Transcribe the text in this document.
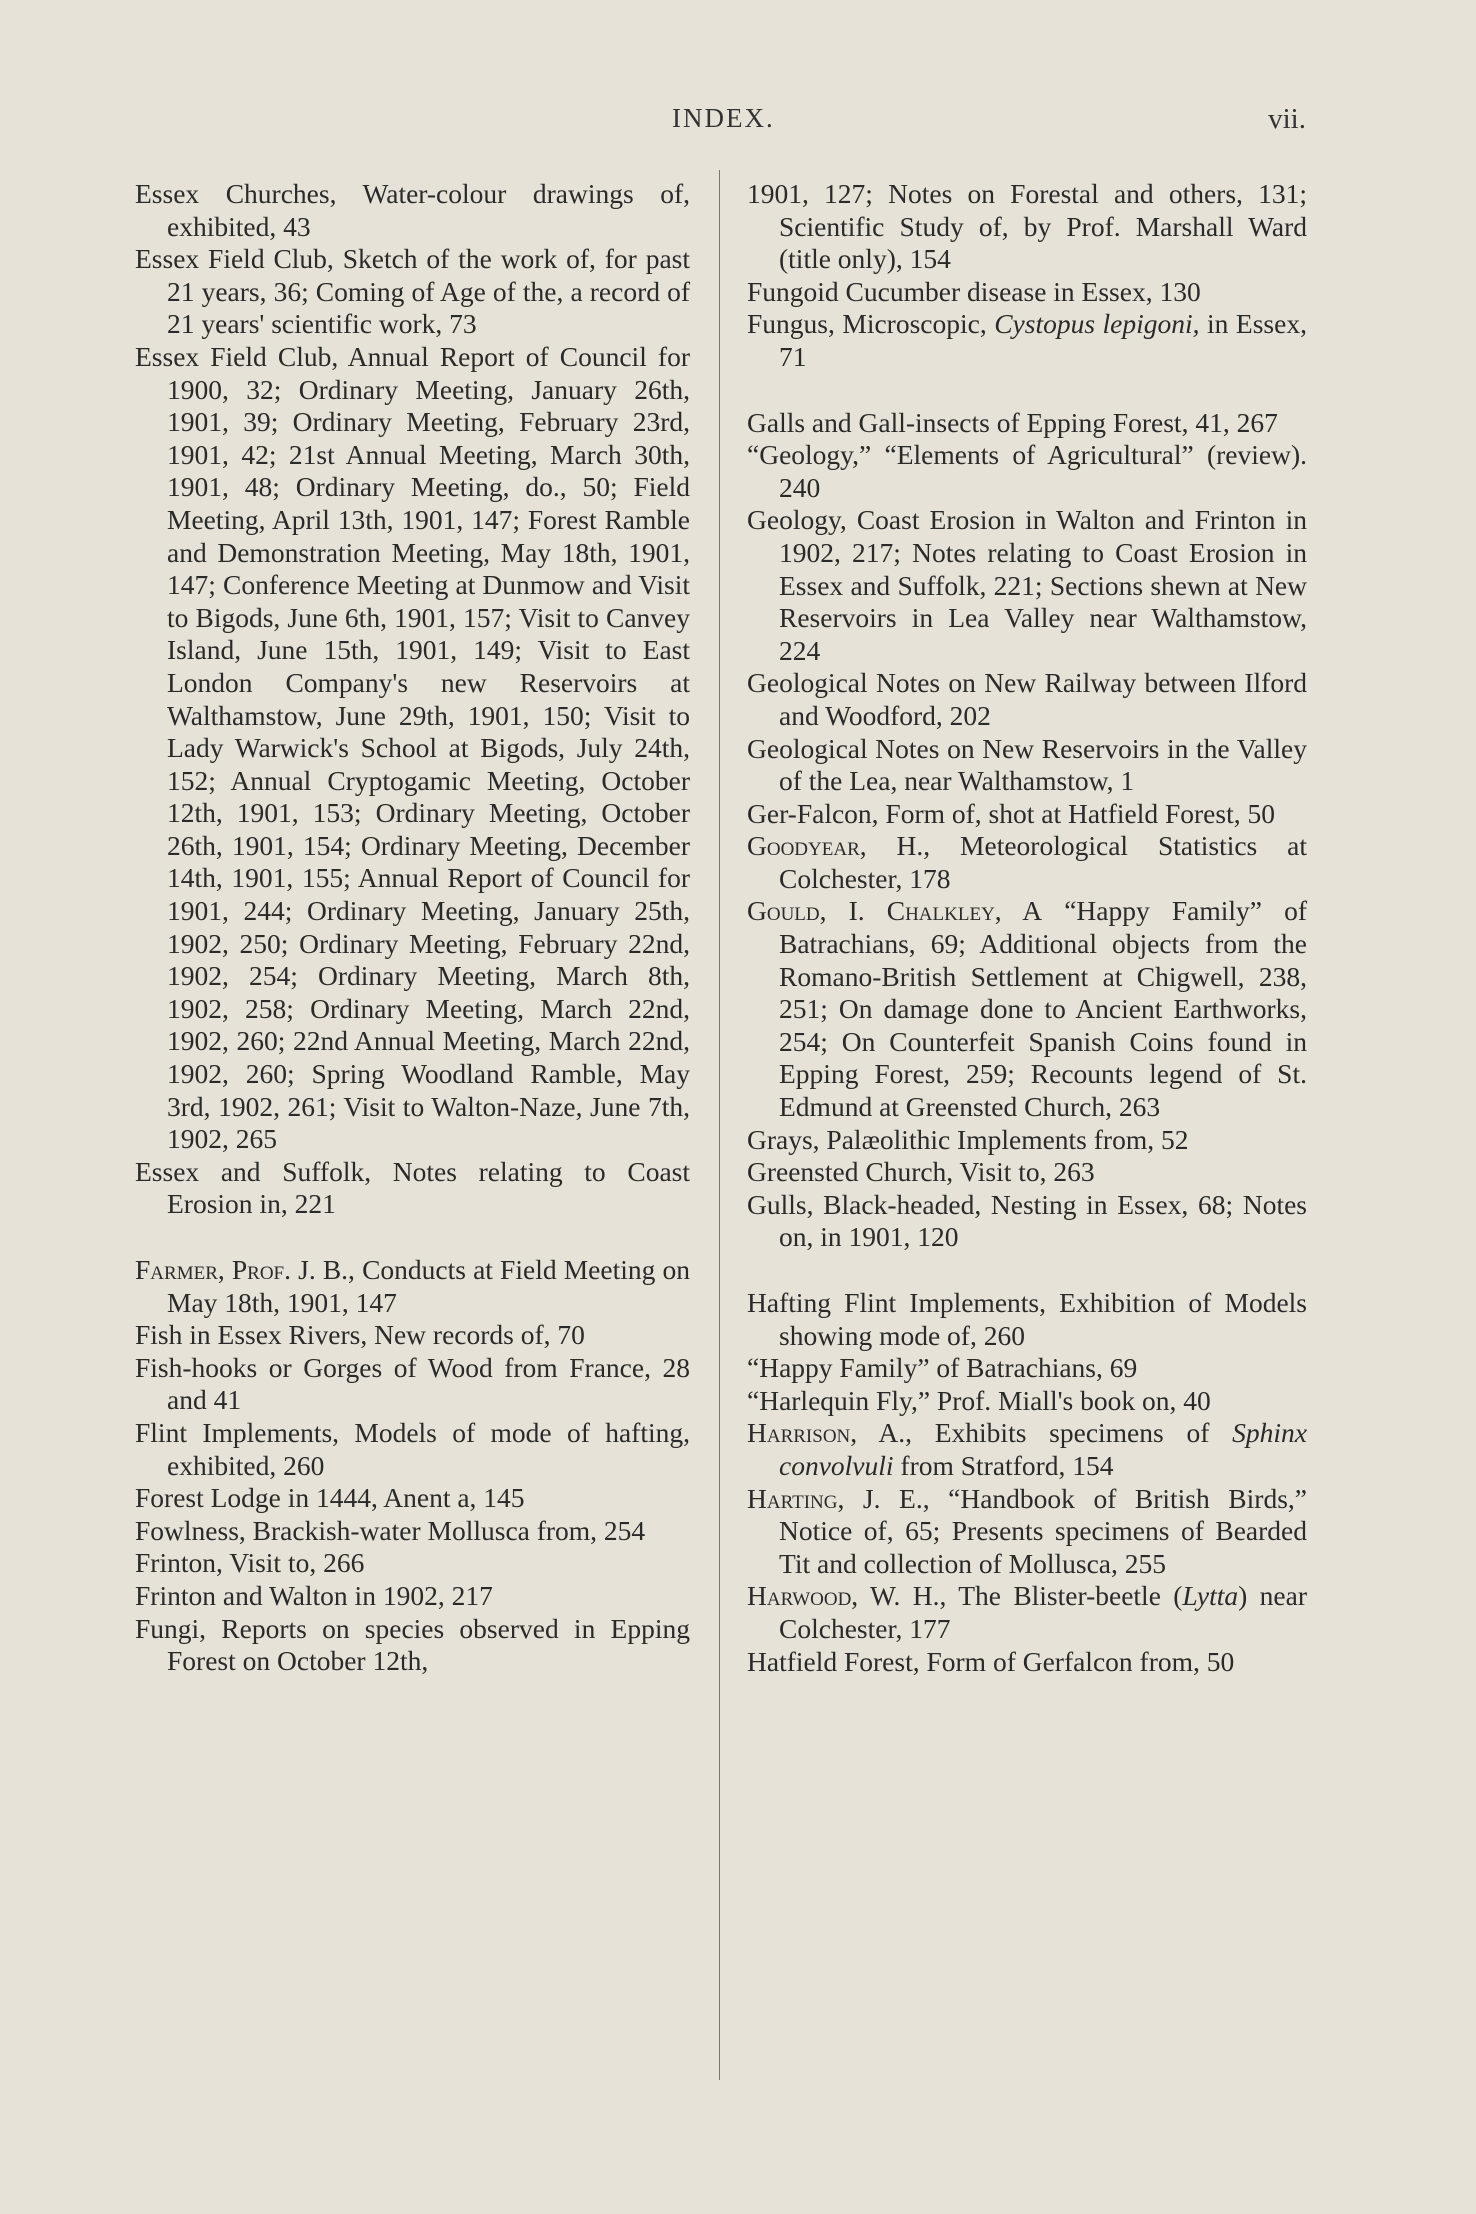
INDEX.	vii.

Essex Churches, Water-colour drawings of, exhibited, 43

Essex Field Club, Sketch of the work of, for past 21 years, 36; Coming of Age of the, a record of 21 years' scientific work, 73

Essex Field Club, Annual Report of Council for 1900, 32; Ordinary Meeting, January 26th, 1901, 39; Ordinary Meeting, February 23rd, 1901, 42; 21st Annual Meeting, March 30th, 1901, 48; Ordinary Meeting, do., 50; Field Meeting, April 13th, 1901, 147; Forest Ramble and Demonstration Meeting, May 18th, 1901, 147; Conference Meeting at Dunmow and Visit to Bigods, June 6th, 1901, 157; Visit to Canvey Island, June 15th, 1901, 149; Visit to East London Company's new Reservoirs at Walthamstow, June 29th, 1901, 150; Visit to Lady Warwick's School at Bigods, July 24th, 152; Annual Cryptogamic Meeting, October 12th, 1901, 153; Ordinary Meeting, October 26th, 1901, 154; Ordinary Meeting, December 14th, 1901, 155; Annual Report of Council for 1901, 244; Ordinary Meeting, January 25th, 1902, 250; Ordinary Meeting, February 22nd, 1902, 254; Ordinary Meeting, March 8th, 1902, 258; Ordinary Meeting, March 22nd, 1902, 260; 22nd Annual Meeting, March 22nd, 1902, 260; Spring Woodland Ramble, May 3rd, 1902, 261; Visit to Walton-Naze, June 7th, 1902, 265

Essex and Suffolk, Notes relating to Coast Erosion in, 221

Farmer, Prof. J. B., Conducts at Field Meeting on May 18th, 1901, 147

Fish in Essex Rivers, New records of, 70

Fish-hooks or Gorges of Wood from France, 28 and 41

Flint Implements, Models of mode of hafting, exhibited, 260

Forest Lodge in 1444, Anent a, 145

Fowlness, Brackish-water Mollusca from, 254

Frinton, Visit to, 266

Frinton and Walton in 1902, 217

Fungi, Reports on species observed in Epping Forest on October 12th,

1901, 127; Notes on Forestal and others, 131; Scientific Study of, by Prof. Marshall Ward (title only), 154

Fungoid Cucumber disease in Essex, 130

Fungus, Microscopic, Cystopus lepigoni, in Essex, 71

Galls and Gall-insects of Epping Forest, 41, 267

“Geology,” “Elements of Agricultural” (review). 240

Geology, Coast Erosion in Walton and Frinton in 1902, 217; Notes relating to Coast Erosion in Essex and Suffolk, 221; Sections shewn at New Reservoirs in Lea Valley near Walthamstow, 224

Geological Notes on New Railway between Ilford and Woodford, 202

Geological Notes on New Reservoirs in the Valley of the Lea, near Walthamstow, 1

Ger-Falcon, Form of, shot at Hatfield Forest, 50

Goodyear, H., Meteorological Statistics at Colchester, 178

Gould, I. Chalkley, A “Happy Family” of Batrachians, 69; Additional objects from the Romano-British Settlement at Chigwell, 238, 251; On damage done to Ancient Earthworks, 254; On Counterfeit Spanish Coins found in Epping Forest, 259; Recounts legend of St. Edmund at Greensted Church, 263

Grays, Palæolithic Implements from, 52

Greensted Church, Visit to, 263

Gulls, Black-headed, Nesting in Essex, 68; Notes on, in 1901, 120

Hafting Flint Implements, Exhibition of Models showing mode of, 260

“Happy Family” of Batrachians, 69

“Harlequin Fly,” Prof. Miall's book on, 40

Harrison, A., Exhibits specimens of Sphinx convolvuli from Stratford, 154

Harting, J. E., “Handbook of British Birds,” Notice of, 65; Presents specimens of Bearded Tit and collection of Mollusca, 255

Harwood, W. H., The Blister-beetle (Lytta) near Colchester, 177

Hatfield Forest, Form of Gerfalcon from, 50
